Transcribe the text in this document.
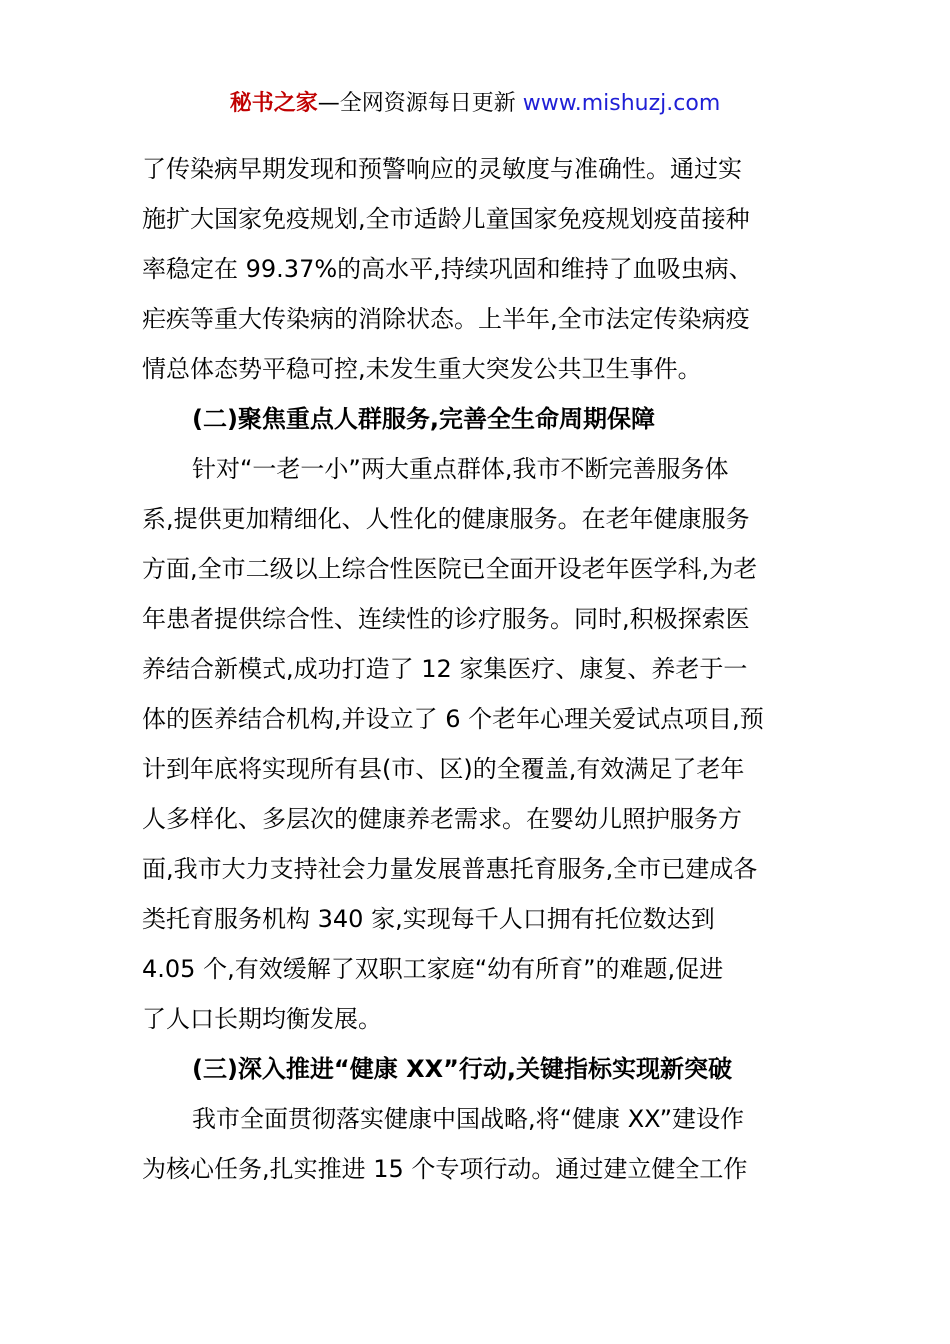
秘书之家—全网资源每日更新 www.mishuzj.com
了传染病早期发现和预警响应的灵敏度与准确性。通过实
施扩大国家免疫规划,全市适龄儿童国家免疫规划疫苗接种
率稳定在 99.37%的高水平,持续巩固和维持了血吸虫病、
疟疾等重大传染病的消除状态。上半年,全市法定传染病疫
情总体态势平稳可控,未发生重大突发公共卫生事件。
(二)聚焦重点人群服务,完善全生命周期保障
针对“一老一小”两大重点群体,我市不断完善服务体
系,提供更加精细化、人性化的健康服务。在老年健康服务
方面,全市二级以上综合性医院已全面开设老年医学科,为老
年患者提供综合性、连续性的诊疗服务。同时,积极探索医
养结合新模式,成功打造了 12 家集医疗、康复、养老于一
体的医养结合机构,并设立了 6 个老年心理关爱试点项目,预
计到年底将实现所有县(市、区)的全覆盖,有效满足了老年
人多样化、多层次的健康养老需求。在婴幼儿照护服务方
面,我市大力支持社会力量发展普惠托育服务,全市已建成各
类托育服务机构 340 家,实现每千人口拥有托位数达到
4.05 个,有效缓解了双职工家庭“幼有所育”的难题,促进
了人口长期均衡发展。
(三)深入推进“健康 XX”行动,关键指标实现新突破
我市全面贯彻落实健康中国战略,将“健康 XX”建设作
为核心任务,扎实推进 15 个专项行动。通过建立健全工作
